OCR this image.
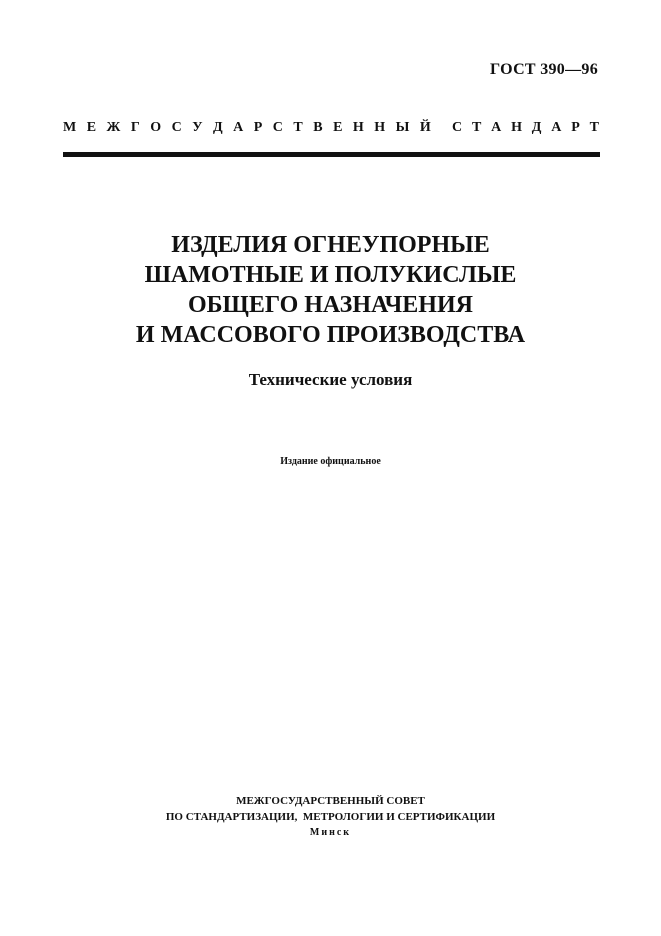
ГОСТ 390—96
М Е Ж Г О С У Д А Р С Т В Е Н Н Ы Й С Т А Н Д А Р Т
ИЗДЕЛИЯ ОГНЕУПОРНЫЕ
ШАМОТНЫЕ И ПОЛУКИСЛЫЕ
ОБЩЕГО НАЗНАЧЕНИЯ
И МАССОВОГО ПРОИЗВОДСТВА
Технические условия
Издание официальное
МЕЖГОСУДАРСТВЕННЫЙ СОВЕТ
ПО СТАНДАРТИЗАЦИИ,  МЕТРОЛОГИИ И СЕРТИФИКАЦИИ
Минск
